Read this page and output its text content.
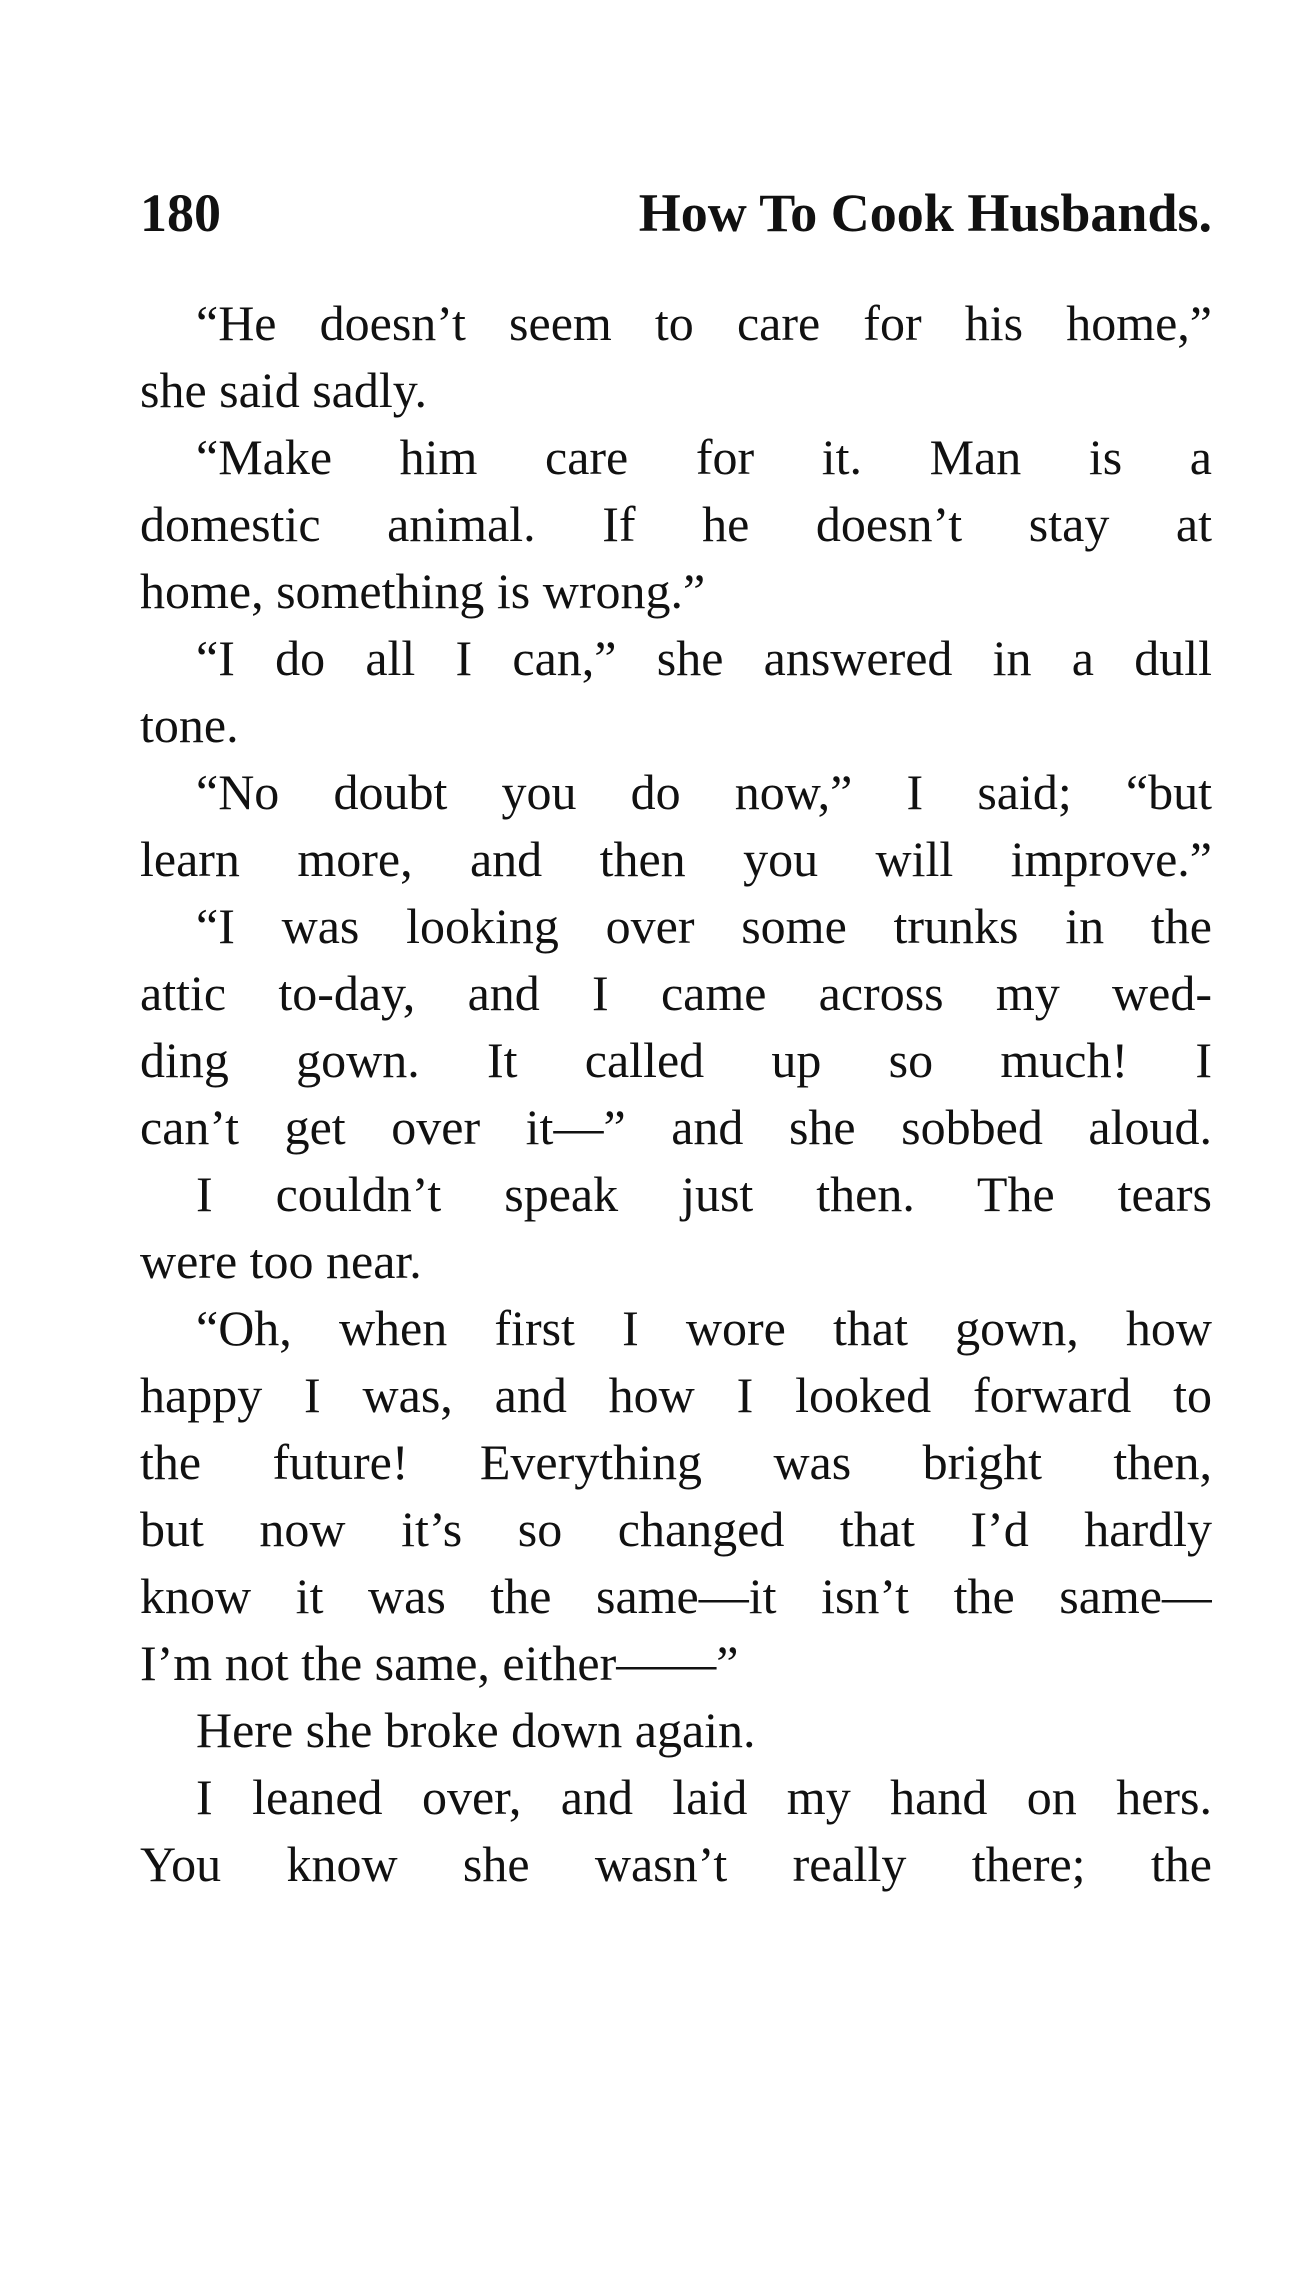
180	How To Cook Husbands.
“He doesn’t seem to care for his home,”
she said sadly.
“Make him care for it. Man is a
domestic animal. If he doesn’t stay at
home, something is wrong.”
“I do all I can,” she answered in a dull
tone.
“No doubt you do now,” I said; “but
learn more, and then you will improve.”
“I was looking over some trunks in the
attic to-day, and I came across my wed-
ding gown. It called up so much! I
can’t get over it—” and she sobbed aloud.
I couldn’t speak just then. The tears
were too near.
“Oh, when first I wore that gown, how
happy I was, and how I looked forward to
the future! Everything was bright then,
but now it’s so changed that I’d hardly
know it was the same—it isn’t the same—
I’m not the same, either——”
Here she broke down again.
I leaned over, and laid my hand on hers.
You know she wasn’t really there; the
